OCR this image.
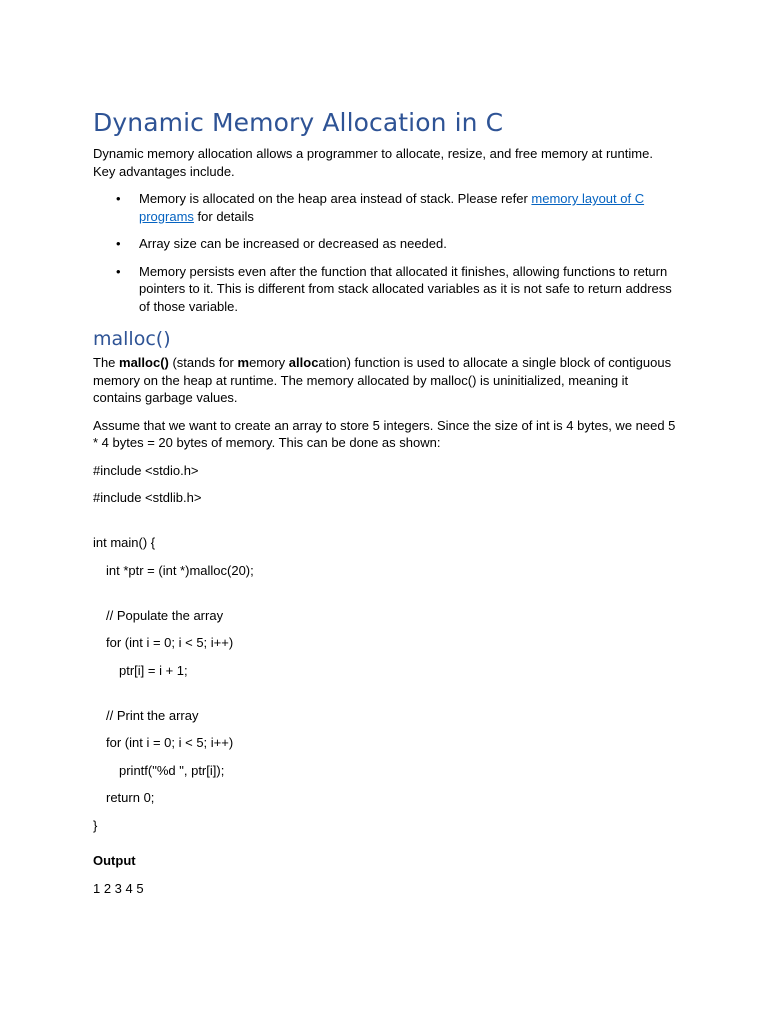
Dynamic Memory Allocation in C

Dynamic memory allocation allows a programmer to allocate, resize, and free memory at runtime. Key advantages include.

• Memory is allocated on the heap area instead of stack. Please refer memory layout of C programs for details
• Array size can be increased or decreased as needed.
• Memory persists even after the function that allocated it finishes, allowing functions to return pointers to it. This is different from stack allocated variables as it is not safe to return address of those variable.
malloc()

The malloc() (stands for memory allocation) function is used to allocate a single block of contiguous memory on the heap at runtime. The memory allocated by malloc() is uninitialized, meaning it contains garbage values.

Assume that we want to create an array to store 5 integers. Since the size of int is 4 bytes, we need 5 * 4 bytes = 20 bytes of memory. This can be done as shown:

#include <stdio.h>

#include <stdlib.h>

int main() {

int *ptr = (int *)malloc(20);

// Populate the array

for (int i = 0; i < 5; i++)

ptr[i] = i + 1;

// Print the array

for (int i = 0; i < 5; i++)

printf("%d ", ptr[i]);

return 0;

}

Output

1 2 3 4 5
